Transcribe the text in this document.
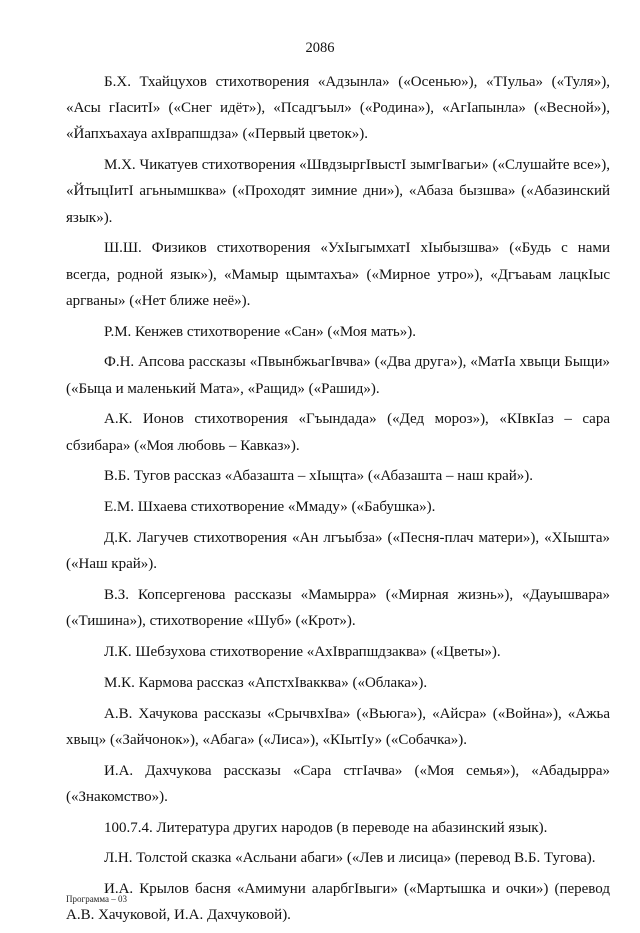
2086

Б.Х. Тхайцухов стихотворения «Адзынла» («Осенью»), «ТIульа» («Туля»), «Асы гIаситI» («Снег идёт»), «Псадгъыл» («Родина»), «АгIапынла» («Весной»), «Йапхъахауа ахIврапшдза» («Первый цветок»).

М.Х. Чикатуев стихотворения «ШвдзыргIвыстI зымгIвагьи» («Слушайте все»), «ЙтыцIитI агьнымшква» («Проходят зимние дни»), «Абаза бызшва» («Абазинский язык»).

Ш.Ш. Физиков стихотворения «УхIыгымхатI хIыбызшва» («Будь с нами всегда, родной язык»), «Мамыр щымтахъа» («Мирное утро»), «Дгъаьам лацкIыс аргваны» («Нет ближе неё»).

Р.М. Кенжев стихотворение «Сан» («Моя мать»).

Ф.Н. Апсова рассказы «ПвынбжьагIвчва» («Два друга»), «МатIа хвыци Быщи» («Быца и маленький Мата», «Ращид» («Рашид»).

А.К. Ионов стихотворения «Гъындада» («Дед мороз»), «КIвкIаз – сара сбзибара» («Моя любовь – Кавказ»).

В.Б. Тугов рассказ «Абазашта – хIыщта» («Абазашта – наш край»).

Е.М. Шхаева стихотворение «Ммаду» («Бабушка»).

Д.К. Лагучев стихотворения «Ан лгъыбза» («Песня-плач матери»), «ХIышта» («Наш край»).

В.З. Копсергенова рассказы «Мамырра» («Мирная жизнь»), «Дауышвара» («Тишина»), стихотворение «Шуб» («Крот»).

Л.К. Шебзухова стихотворение «АхIврапшдзаква» («Цветы»).

М.К. Кармова рассказ «АпстхIвакква» («Облака»).

А.В. Хачукова рассказы «СрычвхIва» («Вьюга»), «Айсра» («Война»), «Ажьа хвыц» («Зайчонок»), «Абага» («Лиса»), «КIытIу» («Собачка»).

И.А. Дахчукова рассказы «Сара стгIачва» («Моя семья»), «Абадырра» («Знакомство»).

100.7.4. Литература других народов (в переводе на абазинский язык).

Л.Н. Толстой сказка «Асльани абаги» («Лев и лисица» (перевод В.Б. Тугова).

И.А. Крылов басня «Амимуни аларбгIвыги» («Мартышка и очки») (перевод А.В. Хачуковой, И.А. Дахчуковой).

Программа – 03
